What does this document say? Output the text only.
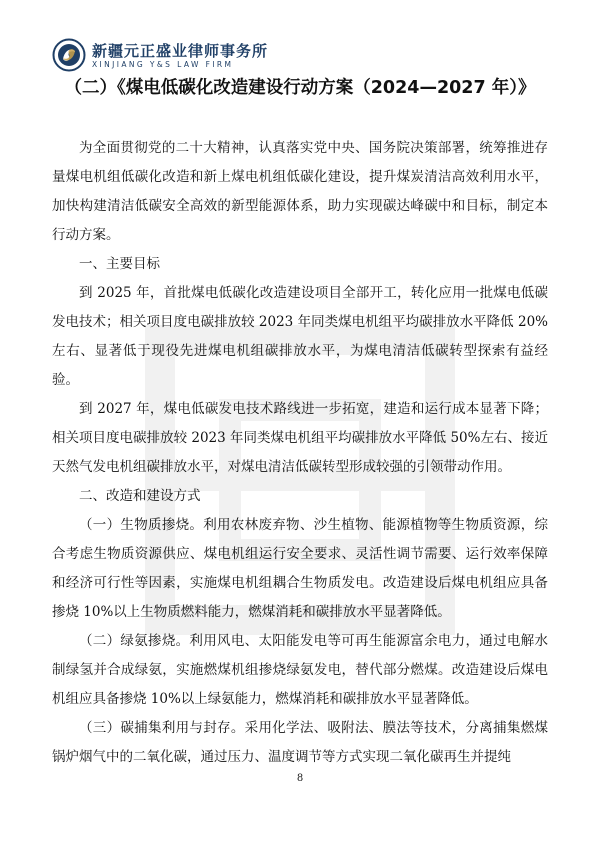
新疆元正盛业律师事务所
XINJIANG Y&S LAW FIRM
（二）《煤电低碳化改造建设行动方案（2024—2027 年）》

为全面贯彻党的二十大精神，认真落实党中央、国务院决策部署，统筹推进存量煤电机组低碳化改造和新上煤电机组低碳化建设，提升煤炭清洁高效利用水平，加快构建清洁低碳安全高效的新型能源体系，助力实现碳达峰碳中和目标，制定本行动方案。

一、主要目标

到 2025 年，首批煤电低碳化改造建设项目全部开工，转化应用一批煤电低碳发电技术；相关项目度电碳排放较 2023 年同类煤电机组平均碳排放水平降低 20%左右、显著低于现役先进煤电机组碳排放水平，为煤电清洁低碳转型探索有益经验。

到 2027 年，煤电低碳发电技术路线进一步拓宽，建造和运行成本显著下降；相关项目度电碳排放较 2023 年同类煤电机组平均碳排放水平降低 50%左右、接近天然气发电机组碳排放水平，对煤电清洁低碳转型形成较强的引领带动作用。

二、改造和建设方式

（一）生物质掺烧。利用农林废弃物、沙生植物、能源植物等生物质资源，综合考虑生物质资源供应、煤电机组运行安全要求、灵活性调节需要、运行效率保障和经济可行性等因素，实施煤电机组耦合生物质发电。改造建设后煤电机组应具备掺烧 10%以上生物质燃料能力，燃煤消耗和碳排放水平显著降低。

（二）绿氨掺烧。利用风电、太阳能发电等可再生能源富余电力，通过电解水制绿氢并合成绿氨，实施燃煤机组掺烧绿氨发电，替代部分燃煤。改造建设后煤电机组应具备掺烧 10%以上绿氨能力，燃煤消耗和碳排放水平显著降低。

（三）碳捕集利用与封存。采用化学法、吸附法、膜法等技术，分离捕集燃煤锅炉烟气中的二氧化碳，通过压力、温度调节等方式实现二氧化碳再生并提纯

8
